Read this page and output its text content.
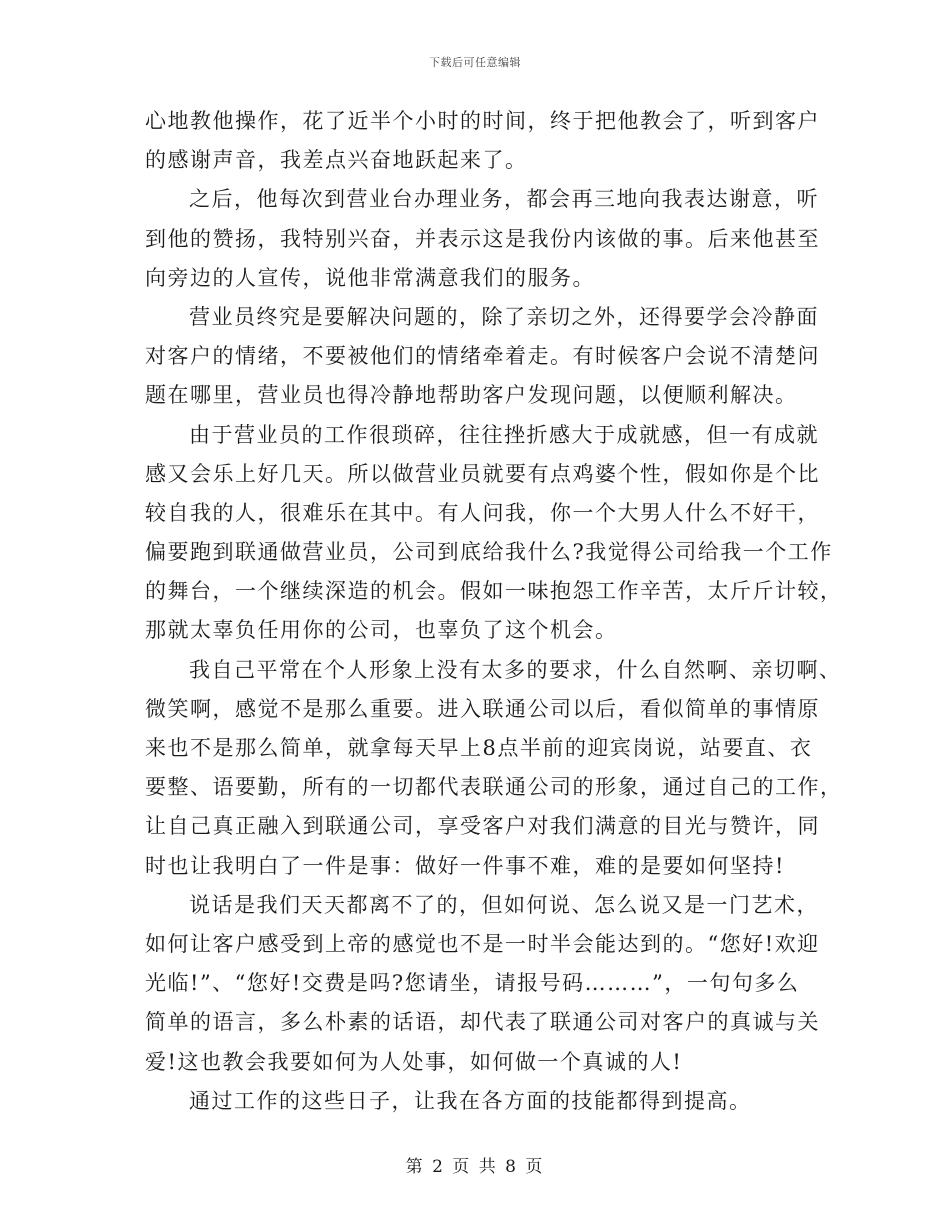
下载后可任意编辑
心地教他操作，花了近半个小时的时间，终于把他教会了，听到客户
的感谢声音，我差点兴奋地跃起来了。
之后，他每次到营业台办理业务，都会再三地向我表达谢意，听
到他的赞扬，我特别兴奋，并表示这是我份内该做的事。后来他甚至
向旁边的人宣传，说他非常满意我们的服务。
营业员终究是要解决问题的，除了亲切之外，还得要学会冷静面
对客户的情绪，不要被他们的情绪牵着走。有时候客户会说不清楚问
题在哪里，营业员也得冷静地帮助客户发现问题，以便顺利解决。
由于营业员的工作很琐碎，往往挫折感大于成就感，但一有成就
感又会乐上好几天。所以做营业员就要有点鸡婆个性，假如你是个比
较自我的人，很难乐在其中。有人问我，你一个大男人什么不好干，
偏要跑到联通做营业员，公司到底给我什么?我觉得公司给我一个工作
的舞台，一个继续深造的机会。假如一味抱怨工作辛苦，太斤斤计较，
那就太辜负任用你的公司，也辜负了这个机会。
我自己平常在个人形象上没有太多的要求，什么自然啊、亲切啊、
微笑啊，感觉不是那么重要。进入联通公司以后，看似简单的事情原
来也不是那么简单，就拿每天早上8点半前的迎宾岗说，站要直、衣
要整、语要勤，所有的一切都代表联通公司的形象，通过自己的工作，
让自己真正融入到联通公司，享受客户对我们满意的目光与赞许，同
时也让我明白了一件是事：做好一件事不难，难的是要如何坚持!
说话是我们天天都离不了的，但如何说、怎么说又是一门艺术，
如何让客户感受到上帝的感觉也不是一时半会能达到的。“您好!欢迎
光临!”、“您好!交费是吗?您请坐，请报号码………”，一句句多么
简单的语言，多么朴素的话语，却代表了联通公司对客户的真诚与关
爱!这也教会我要如何为人处事，如何做一个真诚的人!
通过工作的这些日子，让我在各方面的技能都得到提高。
第 2 页 共 8 页
